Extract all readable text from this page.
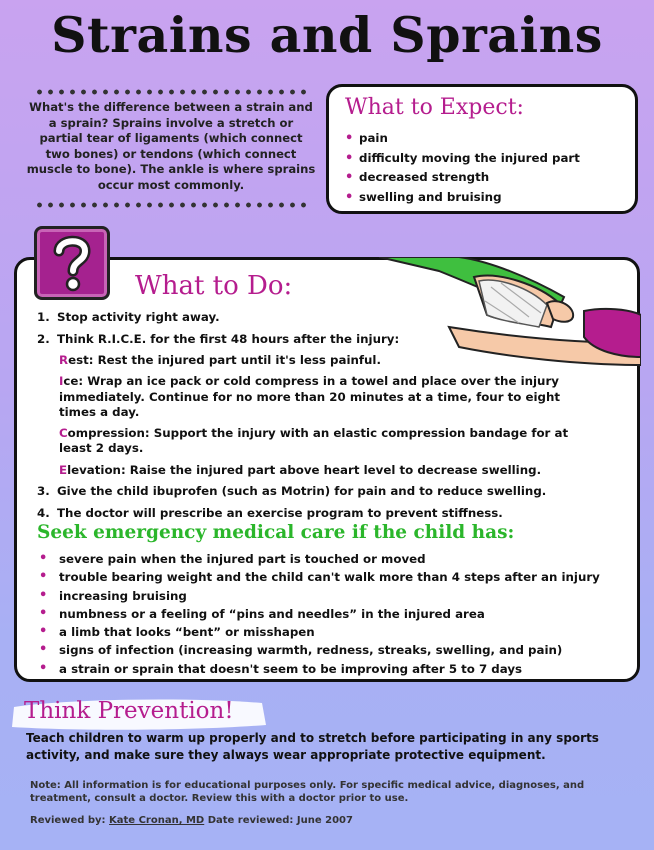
Strains and Sprains
What's the difference between a strain and a sprain? Sprains involve a stretch or partial tear of ligaments (which connect two bones) or tendons (which connect muscle to bone). The ankle is where sprains occur most commonly.
What to Expect:
• pain
• difficulty moving the injured part
• decreased strength
• swelling and bruising
What to Do:
1. Stop activity right away.
2. Think R.I.C.E. for the first 48 hours after the injury:
Rest: Rest the injured part until it's less painful.
Ice: Wrap an ice pack or cold compress in a towel and place over the injury immediately. Continue for no more than 20 minutes at a time, four to eight times a day.
Compression: Support the injury with an elastic compression bandage for at least 2 days.
Elevation: Raise the injured part above heart level to decrease swelling.
3. Give the child ibuprofen (such as Motrin) for pain and to reduce swelling.
4. The doctor will prescribe an exercise program to prevent stiffness.
Seek emergency medical care if the child has:
• severe pain when the injured part is touched or moved
• trouble bearing weight and the child can't walk more than 4 steps after an injury
• increasing bruising
• numbness or a feeling of “pins and needles” in the injured area
• a limb that looks “bent” or misshapen
• signs of infection (increasing warmth, redness, streaks, swelling, and pain)
• a strain or sprain that doesn't seem to be improving after 5 to 7 days
Think Prevention!
Teach children to warm up properly and to stretch before participating in any sports activity, and make sure they always wear appropriate protective equipment.
Note: All information is for educational purposes only. For specific medical advice, diagnoses, and treatment, consult a doctor. Review this with a doctor prior to use.
Reviewed by: Kate Cronan, MD Date reviewed: June 2007
